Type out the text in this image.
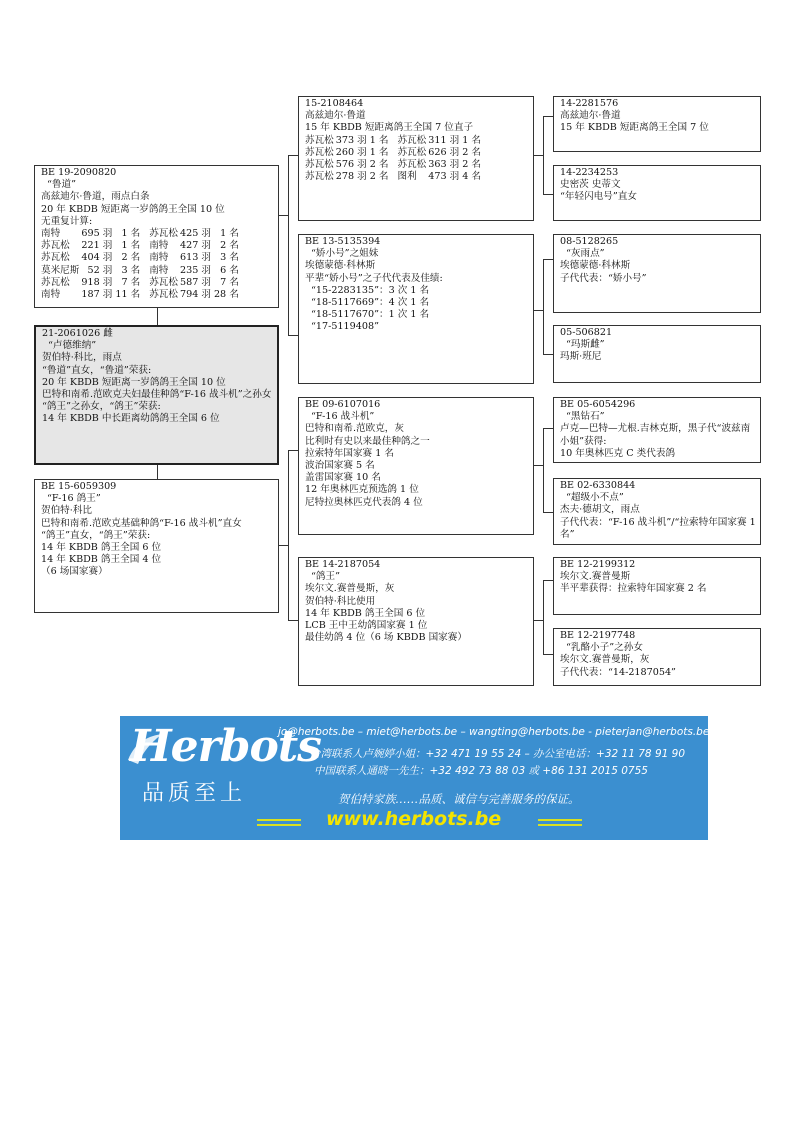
BE 19-2090820
“鲁道”
高兹迪尔·鲁道，雨点白条
20 年 KBDB 短距离一岁鸽鸽王全国 10 位
无重复计算:
南特	695 羽	1 名	苏瓦松	425 羽	1 名
苏瓦松	221 羽	1 名	南特	427 羽	2 名
苏瓦松	404 羽	2 名	南特	613 羽	3 名
莫米尼斯	52 羽	3 名	南特	235 羽	6 名
苏瓦松	918 羽	7 名	苏瓦松	587 羽	7 名
南特	187 羽	11 名	苏瓦松	794 羽	28 名
21-2061026 雌
“卢德维纳”
贺伯特·科比，雨点
“鲁道”直女，“鲁道”荣获:
20 年 KBDB 短距离一岁鸽鸽王全国 10 位
巴特和南希.范欧克夫妇最佳种鸽“F-16 战斗机”之孙女
“鸽王”之孙女，“鸽王”荣获:
14 年 KBDB 中长距离幼鸽鸽王全国 6 位
BE 15-6059309
“F-16 鸽王”
贺伯特·科比
巴特和南希.范欧克基础种鸽“F-16 战斗机”直女
“鸽王”直女，“鸽王”荣获:
14 年 KBDB 鸽王全国 6 位
14 年 KBDB 鸽王全国 4 位
（6 场国家赛）
15-2108464
高兹迪尔·鲁道
15 年 KBDB 短距离鸽王全国 7 位直子
苏瓦松	373 羽	1 名	苏瓦松	311 羽	1 名
苏瓦松	260 羽	1 名	苏瓦松	626 羽	2 名
苏瓦松	576 羽	2 名	苏瓦松	363 羽	2 名
苏瓦松	278 羽	2 名	图利	473 羽	4 名
BE 13-5135394
“娇小号”之姐妹
埃德蒙德·科林斯
平辈“娇小号”之子代代表及佳绩:
“15-2283135”：3 次 1 名
“18-5117669”：4 次 1 名
“18-5117670”：1 次 1 名
“17-5119408”
BE 09-6107016
“F-16 战斗机”
巴特和南希.范欧克，灰
比利时有史以来最佳种鸽之一
拉索特年国家赛 1 名
波治国家赛 5 名
盖雷国家赛 10 名
12 年奥林匹克预选鸽 1 位
尼特拉奥林匹克代表鸽 4 位
BE 14-2187054
“鸽王”
埃尔文.赛普曼斯，灰
贺伯特·科比使用
14 年 KBDB 鸽王全国 6 位
LCB 王中王幼鸽国家赛 1 位
最佳幼鸽 4 位（6 场 KBDB 国家赛）
14-2281576
高兹迪尔·鲁道
15 年 KBDB 短距离鸽王全国 7 位
14-2234253
史密茨 史蒂文
“年轻闪电号”直女
08-5128265
“灰雨点”
埃德蒙德·科林斯
子代代表：“娇小号”
05-506821
“玛斯雌”
玛斯·班尼
BE 05-6054296
“黑钻石”
卢克—巴特—尤根.吉林克斯，黑子代“波兹南小姐”获得:
10 年奥林匹克 C 类代表鸽
BE 02-6330844
“超级小不点”
杰夫·德胡文，雨点
子代代表：“F-16 战斗机”/“拉索特年国家赛 1 名”
BE 12-2199312
埃尔文.赛普曼斯
半平辈获得：拉索特年国家赛 2 名
BE 12-2197748
“乳酪小子”之孙女
埃尔文.赛普曼斯，灰
子代代表：“14-2187054”
Herbots
品质至上
jo@herbots.be – miet@herbots.be – wangting@herbots.be - pieterjan@herbots.be
台湾联系人卢婉婷小姐：+32 471 19 55 24 – 办公室电话：+32 11 78 91 90
中国联系人通晓一先生：+32 492 73 88 03 或 +86 131 2015 0755
贺伯特家族……品质、诚信与完善服务的保证。
www.herbots.be
